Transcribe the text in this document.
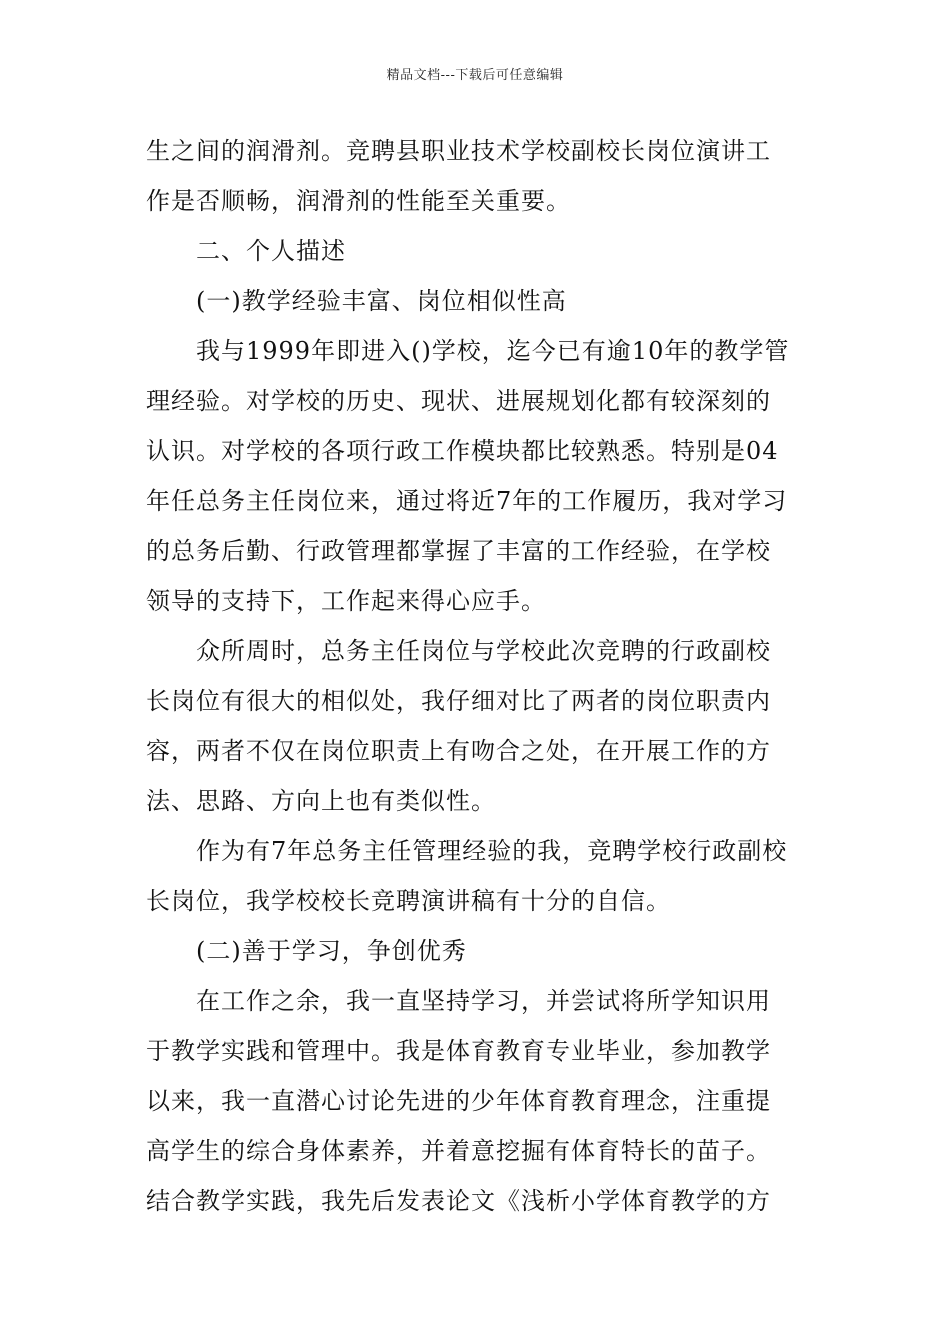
精品文档---下载后可任意编辑
生之间的润滑剂。竞聘县职业技术学校副校长岗位演讲工
作是否顺畅，润滑剂的性能至关重要。
二、个人描述
(一)教学经验丰富、岗位相似性高
我与1999年即进入()学校，迄今已有逾10年的教学管
理经验。对学校的历史、现状、进展规划化都有较深刻的
认识。对学校的各项行政工作模块都比较熟悉。特别是04
年任总务主任岗位来，通过将近7年的工作履历，我对学习
的总务后勤、行政管理都掌握了丰富的工作经验，在学校
领导的支持下，工作起来得心应手。
众所周时，总务主任岗位与学校此次竞聘的行政副校
长岗位有很大的相似处，我仔细对比了两者的岗位职责内
容，两者不仅在岗位职责上有吻合之处，在开展工作的方
法、思路、方向上也有类似性。
作为有7年总务主任管理经验的我，竞聘学校行政副校
长岗位，我学校校长竞聘演讲稿有十分的自信。
(二)善于学习，争创优秀
在工作之余，我一直坚持学习，并尝试将所学知识用
于教学实践和管理中。我是体育教育专业毕业，参加教学
以来，我一直潜心讨论先进的少年体育教育理念，注重提
高学生的综合身体素养，并着意挖掘有体育特长的苗子。
结合教学实践，我先后发表论文《浅析小学体育教学的方
